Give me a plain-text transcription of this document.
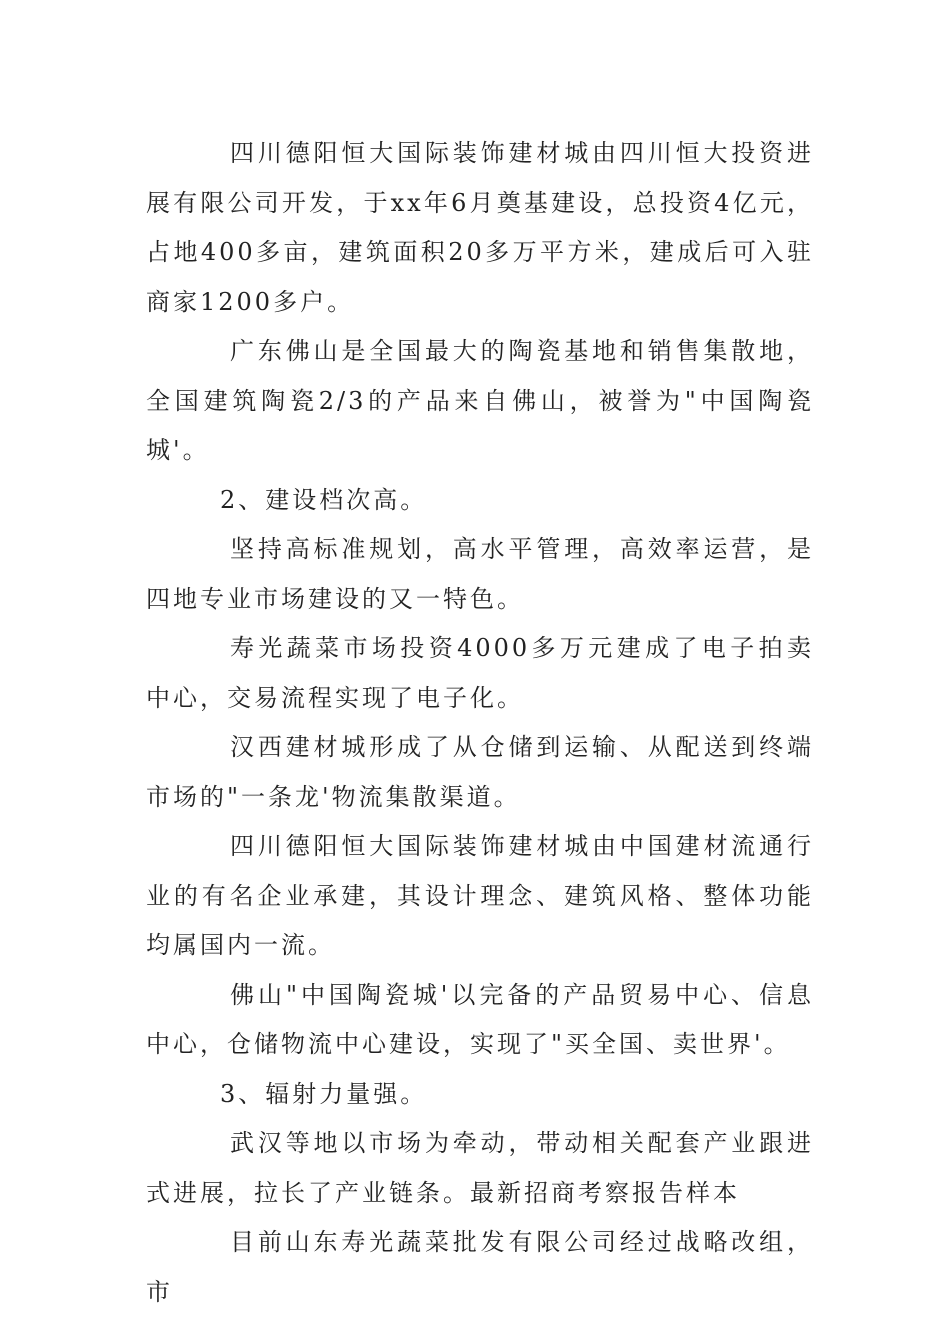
四川德阳恒大国际装饰建材城由四川恒大投资进展有限公司开发，于xx年6月奠基建设，总投资4亿元，占地400多亩，建筑面积20多万平方米，建成后可入驻商家1200多户。

广东佛山是全国最大的陶瓷基地和销售集散地，全国建筑陶瓷2/3的产品来自佛山，被誉为"中国陶瓷城'。

2、建设档次高。

坚持高标准规划，高水平管理，高效率运营，是四地专业市场建设的又一特色。

寿光蔬菜市场投资4000多万元建成了电子拍卖中心，交易流程实现了电子化。

汉西建材城形成了从仓储到运输、从配送到终端市场的"一条龙'物流集散渠道。

四川德阳恒大国际装饰建材城由中国建材流通行业的有名企业承建，其设计理念、建筑风格、整体功能均属国内一流。

佛山"中国陶瓷城'以完备的产品贸易中心、信息中心，仓储物流中心建设，实现了"买全国、卖世界'。

3、辐射力量强。

武汉等地以市场为牵动，带动相关配套产业跟进式进展，拉长了产业链条。最新招商考察报告样本

目前山东寿光蔬菜批发有限公司经过战略改组，市
